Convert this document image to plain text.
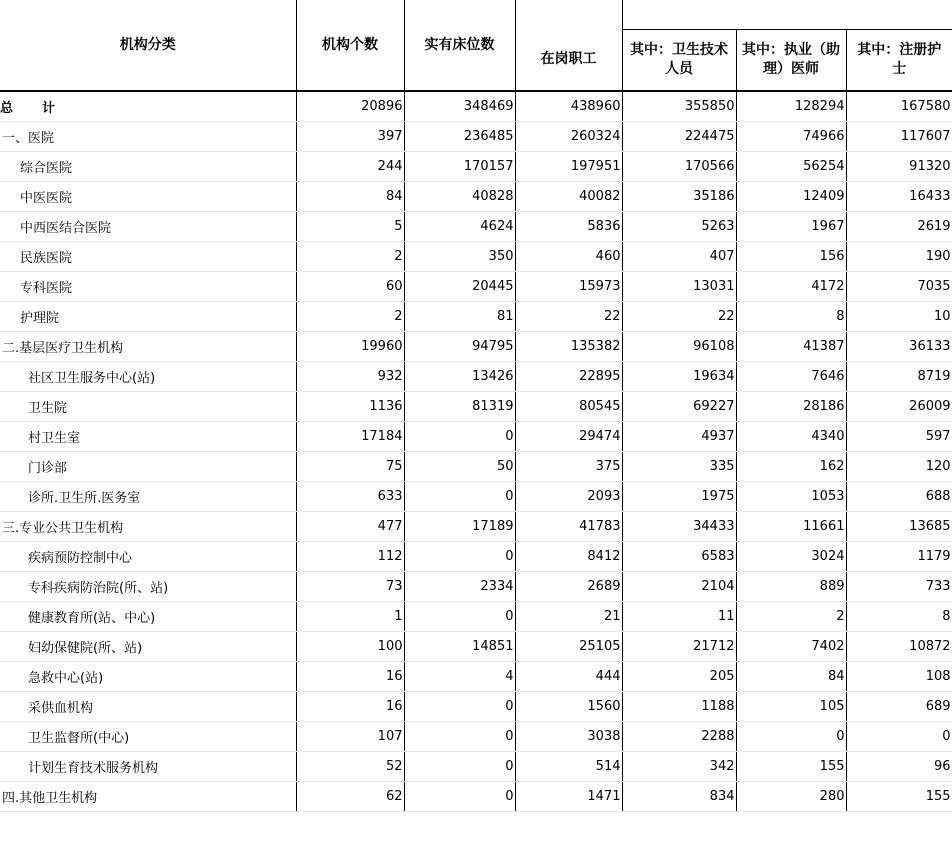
机构分类	机构个数	实有床位数	在岗职工			
				其中：卫生技术人员	其中：执业（助理）医师	其中：注册护士
总　　计	20896	348469	438960	355850	128294	167580
一、医院	397	236485	260324	224475	74966	117607
综合医院	244	170157	197951	170566	56254	91320
中医医院	84	40828	40082	35186	12409	16433
中西医结合医院	5	4624	5836	5263	1967	2619
民族医院	2	350	460	407	156	190
专科医院	60	20445	15973	13031	4172	7035
护理院	2	81	22	22	8	10
二.基层医疗卫生机构	19960	94795	135382	96108	41387	36133
社区卫生服务中心(站)	932	13426	22895	19634	7646	8719
卫生院	1136	81319	80545	69227	28186	26009
村卫生室	17184	0	29474	4937	4340	597
门诊部	75	50	375	335	162	120
诊所.卫生所.医务室	633	0	2093	1975	1053	688
三.专业公共卫生机构	477	17189	41783	34433	11661	13685
疾病预防控制中心	112	0	8412	6583	3024	1179
专科疾病防治院(所、站)	73	2334	2689	2104	889	733
健康教育所(站、中心)	1	0	21	11	2	8
妇幼保健院(所、站)	100	14851	25105	21712	7402	10872
急救中心(站)	16	4	444	205	84	108
采供血机构	16	0	1560	1188	105	689
卫生监督所(中心)	107	0	3038	2288	0	0
计划生育技术服务机构	52	0	514	342	155	96
四.其他卫生机构	62	0	1471	834	280	155
